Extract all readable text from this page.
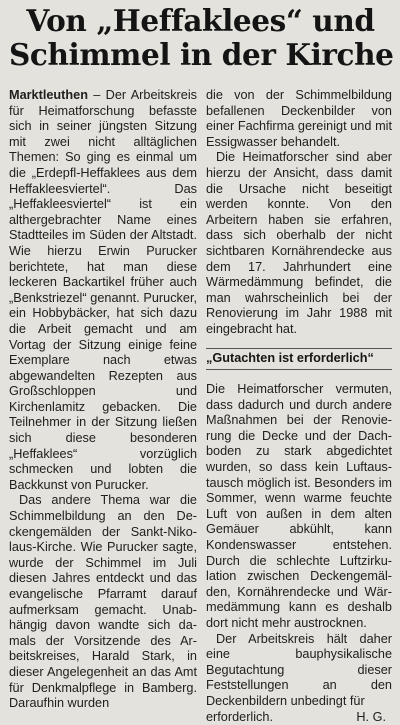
Von „Heffaklees“ und
Schimmel in der Kirche

Marktleuthen – Der Arbeitskreis für Heimatforschung befasste sich in seiner jüngsten Sitzung mit zwei nicht alltäglichen Themen: So ging es einmal um die „Erdepfl-Heffaklees aus dem Heffakleesviertel“. Das „Heffakleesviertel“ ist ein althergebrachter Name eines Stadtteiles im Süden der Altstadt. Wie hierzu Erwin Purucker berichtete, hat man diese leckeren Backartikel früher auch „Benkstriezel“ genannt. Purucker, ein Hobbybäcker, hat sich dazu die Arbeit gemacht und am Vortag der Sitzung einige feine Exemplare nach etwas abgewandelten Rezepten aus Großschloppen und Kirchenlamitz gebacken. Die Teilnehmer in der Sitzung ließen sich diese besonderen „Heffaklees“ vorzüglich schmecken und lobten die Backkunst von Purucker.

Das andere Thema war die Schimmelbildung an den Deckengemälden der Sankt-Nikolaus-Kirche. Wie Purucker sagte, wurde der Schimmel im Juli diesen Jahres entdeckt und das evangelische Pfarramt darauf aufmerksam gemacht. Unabhängig davon wandte sich damals der Vorsitzende des Arbeitskreises, Harald Stark, in dieser Angelegenheit an das Amt für Denkmalpflege in Bamberg. Daraufhin wurden

die von der Schimmelbildung befallenen Deckenbilder von einer Fachfirma gereinigt und mit Essigwasser behandelt.

Die Heimatforscher sind aber hierzu der Ansicht, dass damit die Ursache nicht beseitigt werden konnte. Von den Arbeitern haben sie erfahren, dass sich oberhalb der nicht sichtbaren Kornährendecke aus dem 17. Jahrhundert eine Wärmedämmung befindet, die man wahrscheinlich bei der Renovierung im Jahr 1988 mit eingebracht hat.

„Gutachten ist erforderlich“

Die Heimatforscher vermuten, dass dadurch und durch andere Maßnahmen bei der Renovierung die Decke und der Dachboden zu stark abgedichtet wurden, so dass kein Luftaustausch möglich ist. Besonders im Sommer, wenn warme feuchte Luft von außen in dem alten Gemäuer abkühlt, kann Kondenswasser entstehen. Durch die schlechte Luftzirkulation zwischen Deckengemälden, Kornährendecke und Wärmedämmung kann es deshalb dort nicht mehr austrocknen.

Der Arbeitskreis hält daher eine bauphysikalische Begutachtung dieser Feststellungen an den Deckenbildern unbedingt für

erforderlich.	H. G.
